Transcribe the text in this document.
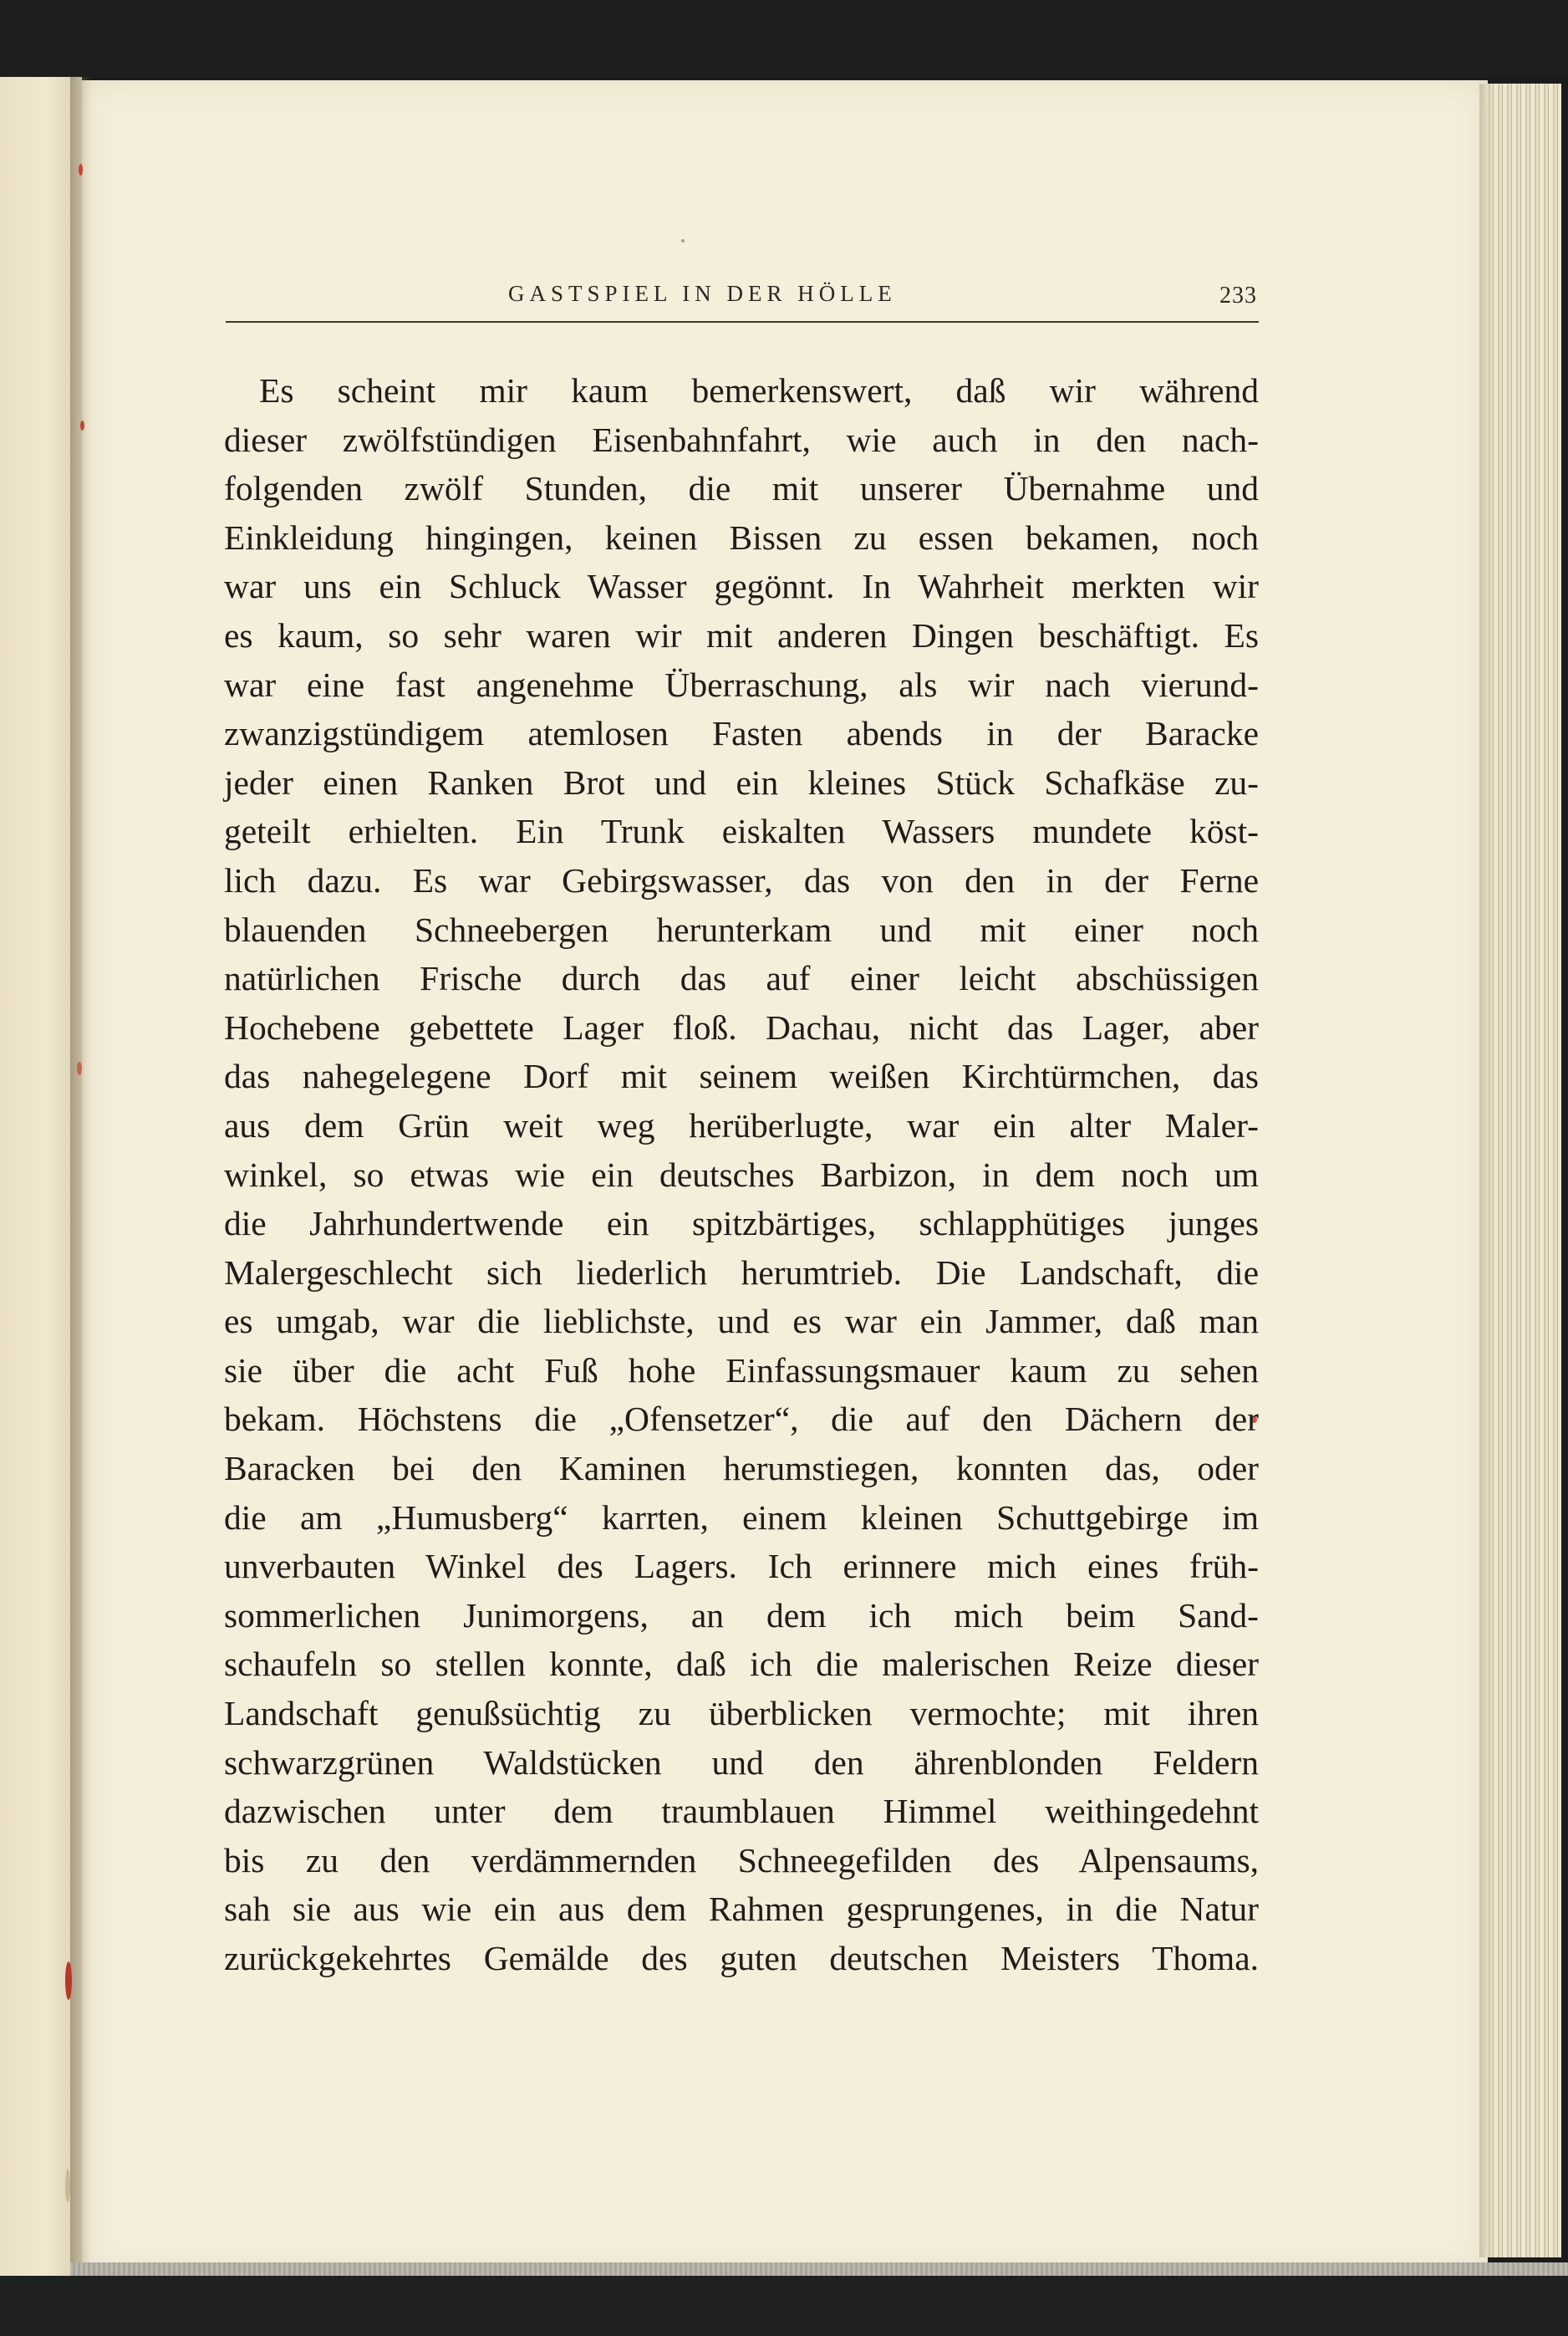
GASTSPIEL IN DER HÖLLE	233
Es scheint mir kaum bemerkenswert, daß wir während
dieser zwölfstündigen Eisenbahnfahrt, wie auch in den nach-
folgenden zwölf Stunden, die mit unserer Übernahme und
Einkleidung hingingen, keinen Bissen zu essen bekamen, noch
war uns ein Schluck Wasser gegönnt. In Wahrheit merkten wir
es kaum, so sehr waren wir mit anderen Dingen beschäftigt. Es
war eine fast angenehme Überraschung, als wir nach vierund-
zwanzigstündigem atemlosen Fasten abends in der Baracke
jeder einen Ranken Brot und ein kleines Stück Schafkäse zu-
geteilt erhielten. Ein Trunk eiskalten Wassers mundete köst-
lich dazu. Es war Gebirgswasser, das von den in der Ferne
blauenden Schneebergen herunterkam und mit einer noch
natürlichen Frische durch das auf einer leicht abschüssigen
Hochebene gebettete Lager floß. Dachau, nicht das Lager, aber
das nahegelegene Dorf mit seinem weißen Kirchtürmchen, das
aus dem Grün weit weg herüberlugte, war ein alter Maler-
winkel, so etwas wie ein deutsches Barbizon, in dem noch um
die Jahrhundertwende ein spitzbärtiges, schlapphütiges junges
Malergeschlecht sich liederlich herumtrieb. Die Landschaft, die
es umgab, war die lieblichste, und es war ein Jammer, daß man
sie über die acht Fuß hohe Einfassungsmauer kaum zu sehen
bekam. Höchstens die „Ofensetzer“, die auf den Dächern der
Baracken bei den Kaminen herumstiegen, konnten das, oder
die am „Humusberg“ karrten, einem kleinen Schuttgebirge im
unverbauten Winkel des Lagers. Ich erinnere mich eines früh-
sommerlichen Junimorgens, an dem ich mich beim Sand-
schaufeln so stellen konnte, daß ich die malerischen Reize dieser
Landschaft genußsüchtig zu überblicken vermochte; mit ihren
schwarzgrünen Waldstücken und den ährenblonden Feldern
dazwischen unter dem traumblauen Himmel weithingedehnt
bis zu den verdämmernden Schneegefilden des Alpensaums,
sah sie aus wie ein aus dem Rahmen gesprungenes, in die Natur
zurückgekehrtes Gemälde des guten deutschen Meisters Thoma.
